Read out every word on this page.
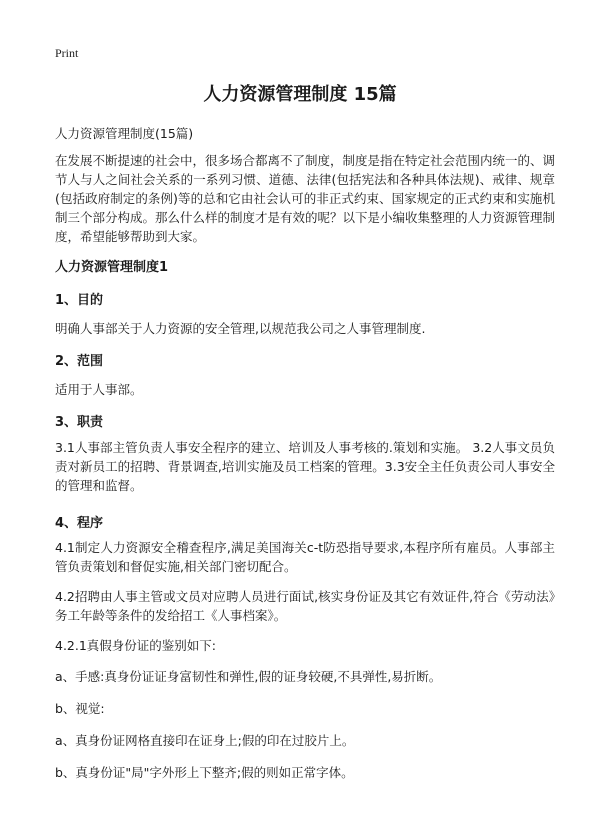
Print
人力资源管理制度 15篇
人力资源管理制度(15篇)
在发展不断提速的社会中，很多场合都离不了制度，制度是指在特定社会范围内统一的、调节人与人之间社会关系的一系列习惯、道德、法律(包括宪法和各种具体法规)、戒律、规章(包括政府制定的条例)等的总和它由社会认可的非正式约束、国家规定的正式约束和实施机制三个部分构成。那么什么样的制度才是有效的呢？以下是小编收集整理的人力资源管理制度，希望能够帮助到大家。
人力资源管理制度1
1、目的
明确人事部关于人力资源的安全管理,以规范我公司之人事管理制度.
2、范围
适用于人事部。
3、职责
3.1人事部主管负责人事安全程序的建立、培训及人事考核的.策划和实施。 3.2人事文员负责对新员工的招聘、背景调查,培训实施及员工档案的管理。3.3安全主任负责公司人事安全的管理和监督。
4、程序
4.1制定人力资源安全稽查程序,满足美国海关c-t防恐指导要求,本程序所有雇员。人事部主管负责策划和督促实施,相关部门密切配合。
4.2招聘由人事主管或文员对应聘人员进行面试,核实身份证及其它有效证件,符合《劳动法》务工年龄等条件的发给招工《人事档案》。
4.2.1真假身份证的鉴别如下:
a、手感:真身份证证身富韧性和弹性,假的证身较硬,不具弹性,易折断。
b、视觉:
a、真身份证网格直接印在证身上;假的印在过胶片上。
b、真身份证"局"字外形上下整齐;假的则如正常字体。
